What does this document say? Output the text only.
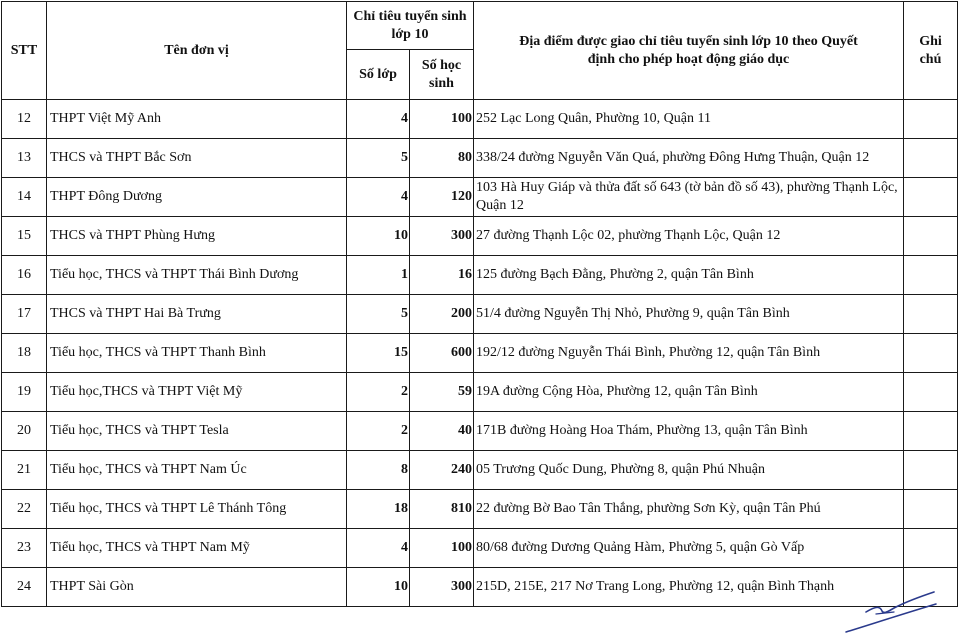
STT	Tên đơn vị	Chỉ tiêu tuyển sinh lớp 10		Địa điểm được giao chỉ tiêu tuyển sinh lớp 10 theo Quyết định cho phép hoạt động giáo dục	Ghi chú
		Số lớp	Số học sinh		
12	THPT Việt Mỹ Anh	4	100	252 Lạc Long Quân, Phường 10, Quận 11	
13	THCS và THPT Bắc Sơn	5	80	338/24 đường Nguyễn Văn Quá, phường Đông Hưng Thuận, Quận 12	
14	THPT Đông Dương	4	120	103 Hà Huy Giáp và thửa đất số 643 (tờ bản đồ số 43), phường Thạnh Lộc, Quận 12	
15	THCS và THPT Phùng Hưng	10	300	27 đường Thạnh Lộc 02, phường Thạnh Lộc, Quận 12	
16	Tiểu học, THCS và THPT Thái Bình Dương	1	16	125 đường Bạch Đằng, Phường 2, quận Tân Bình	
17	THCS và THPT Hai Bà Trưng	5	200	51/4 đường Nguyễn Thị Nhỏ, Phường 9, quận Tân Bình	
18	Tiểu học, THCS và THPT Thanh Bình	15	600	192/12 đường Nguyễn Thái Bình, Phường 12, quận Tân Bình	
19	Tiểu học,THCS và THPT Việt Mỹ	2	59	19A đường Cộng Hòa, Phường 12, quận Tân Bình	
20	Tiểu học, THCS và THPT Tesla	2	40	171B đường Hoàng Hoa Thám, Phường 13, quận Tân Bình	
21	Tiểu học, THCS và THPT Nam Úc	8	240	05 Trương Quốc Dung, Phường 8, quận Phú Nhuận	
22	Tiểu học, THCS và THPT Lê Thánh Tông	18	810	22 đường Bờ Bao Tân Thắng, phường Sơn Kỳ, quận Tân Phú	
23	Tiểu học, THCS và THPT Nam Mỹ	4	100	80/68 đường Dương Quảng Hàm, Phường 5, quận Gò Vấp	
24	THPT Sài Gòn	10	300	215D, 215E, 217 Nơ Trang Long, Phường 12, quận Bình Thạnh	
